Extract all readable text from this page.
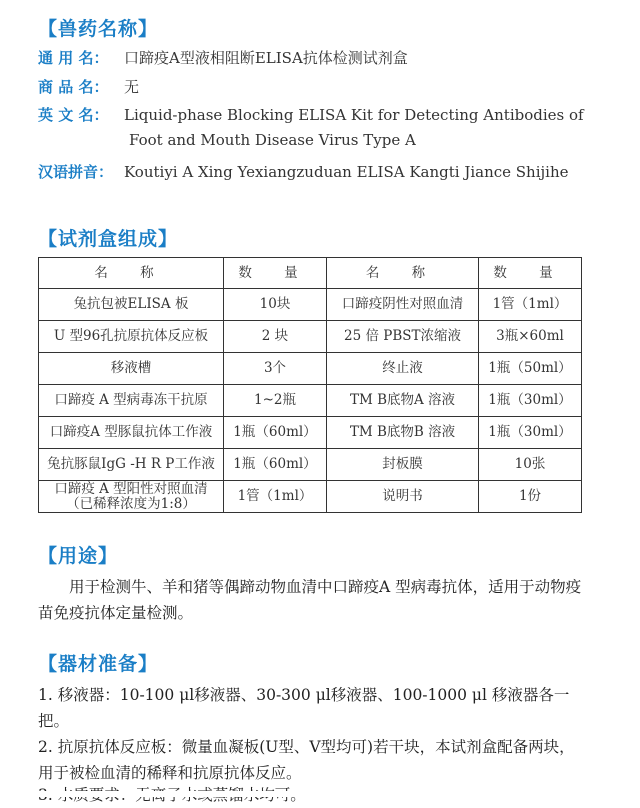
【兽药名称】
通 用 名： 口蹄疫A型液相阻断ELISA抗体检测试剂盒
商 品 名： 无
英 文 名： Liquid-phase Blocking ELISA Kit for Detecting Antibodies of
Foot and Mouth Disease Virus Type A
汉语拼音： Koutiyi A Xing Yexiangzuduan ELISA Kangti Jiance Shijihe
【试剂盒组成】
名 称	数 量	名 称	数 量
兔抗包被ELISA 板	10块	口蹄疫阴性对照血清	1管（1ml）
U 型96孔抗原抗体反应板	2 块	25 倍 PBST浓缩液	3瓶×60ml
移液槽	3个	终止液	1瓶（50ml）
口蹄疫 A 型病毒冻干抗原	1~2瓶	TM B底物A 溶液	1瓶（30ml）
口蹄疫A 型豚鼠抗体工作液	1瓶（60ml）	TM B底物B 溶液	1瓶（30ml）
兔抗豚鼠IgG -H R P工作液	1瓶（60ml）	封板膜	10张
口蹄疫 A 型阳性对照血清（已稀释浓度为1:8）	1管（1ml）	说明书	1份
【用途】
用于检测牛、羊和猪等偶蹄动物血清中口蹄疫A 型病毒抗体，适用于动物疫苗免疫抗体定量检测。
【器材准备】
1. 移液器：10-100 μl移液器、30-300 μl移液器、100-1000 μl 移液器各一把。
2. 抗原抗体反应板：微量血凝板(U型、V型均可)若干块，本试剂盒配备两块，用于被检血清的稀释和抗原抗体反应。
